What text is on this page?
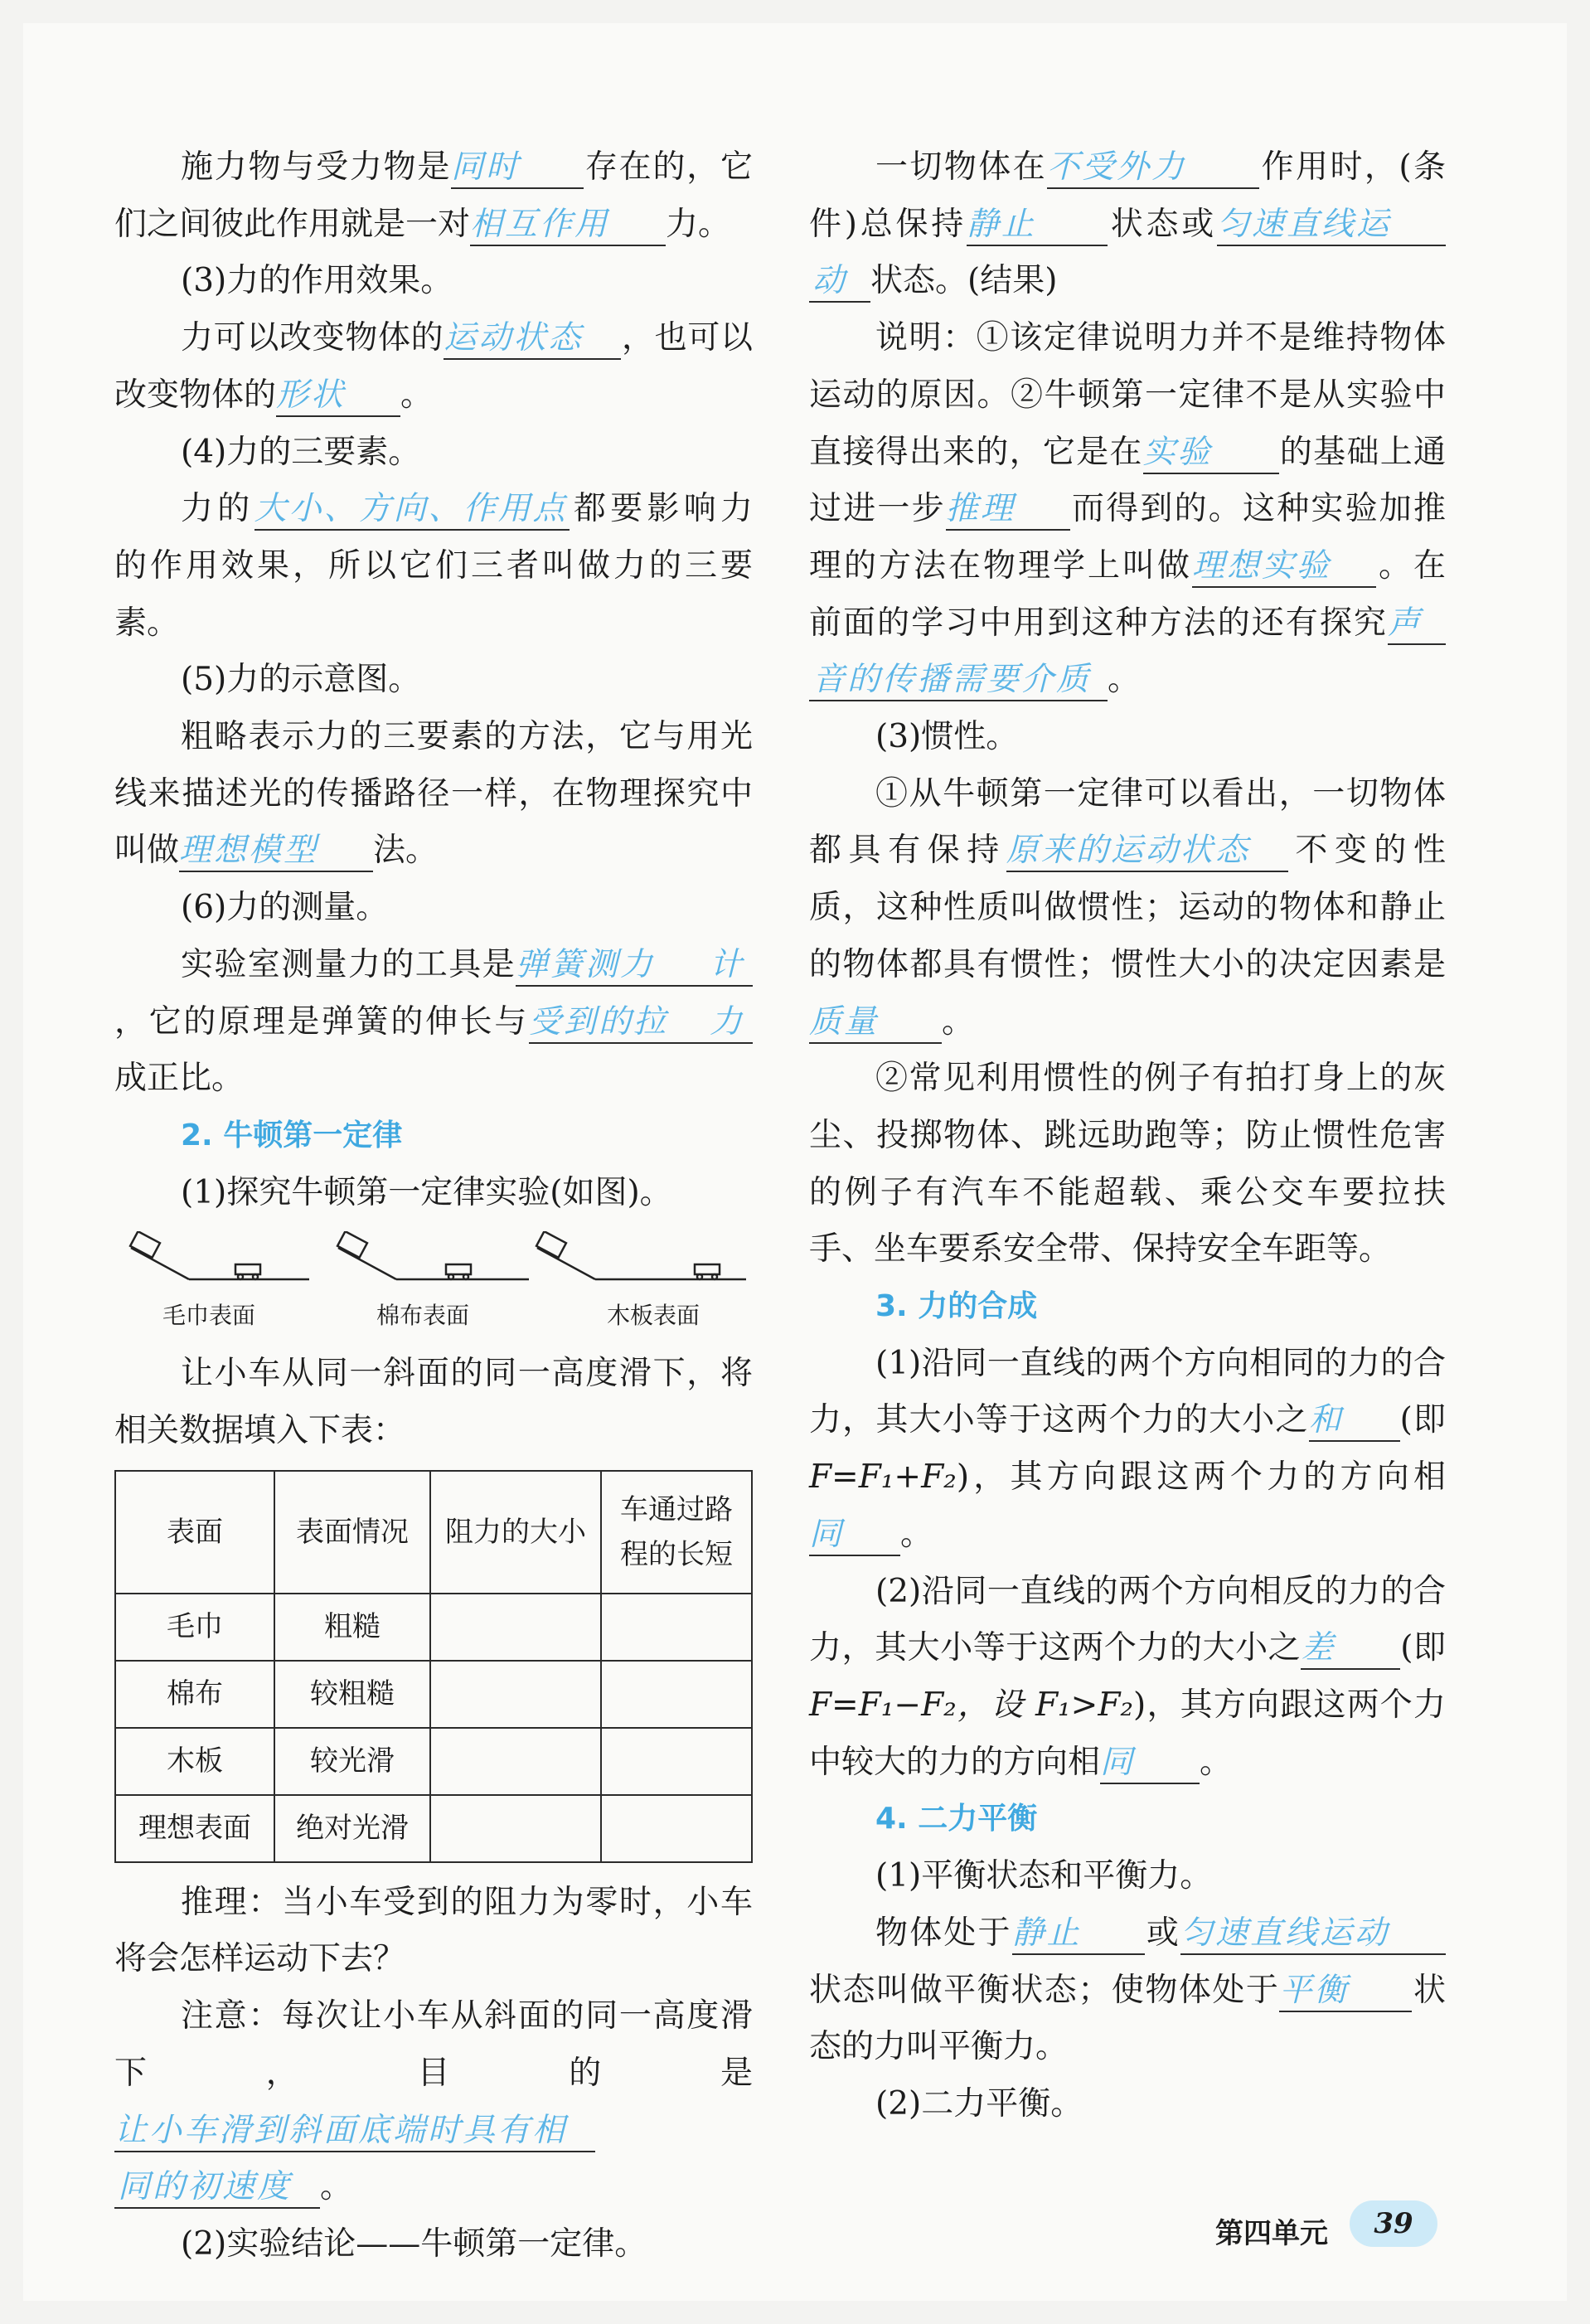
施力物与受力物是同时 存在的，它们之间彼此作用就是一对相互作用 力。

(3)力的作用效果。

力可以改变物体的运动状态 ，也可以改变物体的形状 。

(4)力的三要素。

力的大小、方向、作用点都要影响力的作用效果，所以它们三者叫做力的三要素。

(5)力的示意图。

粗略表示力的三要素的方法，它与用光线来描述光的传播路径一样，在物理探究中叫做理想模型 法。

(6)力的测量。

实验室测量力的工具是弹簧测力 计，它的原理是弹簧的伸长与受到的拉 力成正比。

2. 牛顿第一定律

(1)探究牛顿第一定律实验(如图)。

毛巾表面	棉布表面	木板表面

让小车从同一斜面的同一高度滑下，将相关数据填入下表：

表面	表面情况	阻力的大小	车通过路程的长短
毛巾	粗糙		
棉布	较粗糙		
木板	较光滑		
理想表面	绝对光滑		

推理：当小车受到的阻力为零时，小车将会怎样运动下去？

注意：每次让小车从斜面的同一高度滑下，目的是让小车滑到斜面底端时具有相同的初速度 。

(2)实验结论——牛顿第一定律。

一切物体在不受外力 作用时，(条件)总保持静止 状态或匀速直线运动 状态。(结果)

说明：①该定律说明力并不是维持物体运动的原因。②牛顿第一定律不是从实验中直接得出来的，它是在实验 的基础上通过进一步推理 而得到的。这种实验加推理的方法在物理学上叫做理想实验 。在前面的学习中用到这种方法的还有探究声音的传播需要介质 。

(3)惯性。

①从牛顿第一定律可以看出，一切物体都具有保持原来的运动状态 不变的性质，这种性质叫做惯性；运动的物体和静止的物体都具有惯性；惯性大小的决定因素是质量 。

②常见利用惯性的例子有拍打身上的灰尘、投掷物体、跳远助跑等；防止惯性危害的例子有汽车不能超载、乘公交车要拉扶手、坐车要系安全带、保持安全车距等。

3. 力的合成

(1)沿同一直线的两个方向相同的力的合力，其大小等于这两个力的大小之和 (即F=F₁+F₂)，其方向跟这两个力的方向相同 。

(2)沿同一直线的两个方向相反的力的合力，其大小等于这两个力的大小之差 (即F=F₁−F₂，设 F₁>F₂)，其方向跟这两个力中较大的力的方向相同 。

4. 二力平衡

(1)平衡状态和平衡力。

物体处于静止 或匀速直线运动状态叫做平衡状态；使物体处于平衡 状态的力叫平衡力。

(2)二力平衡。

第四单元	39
